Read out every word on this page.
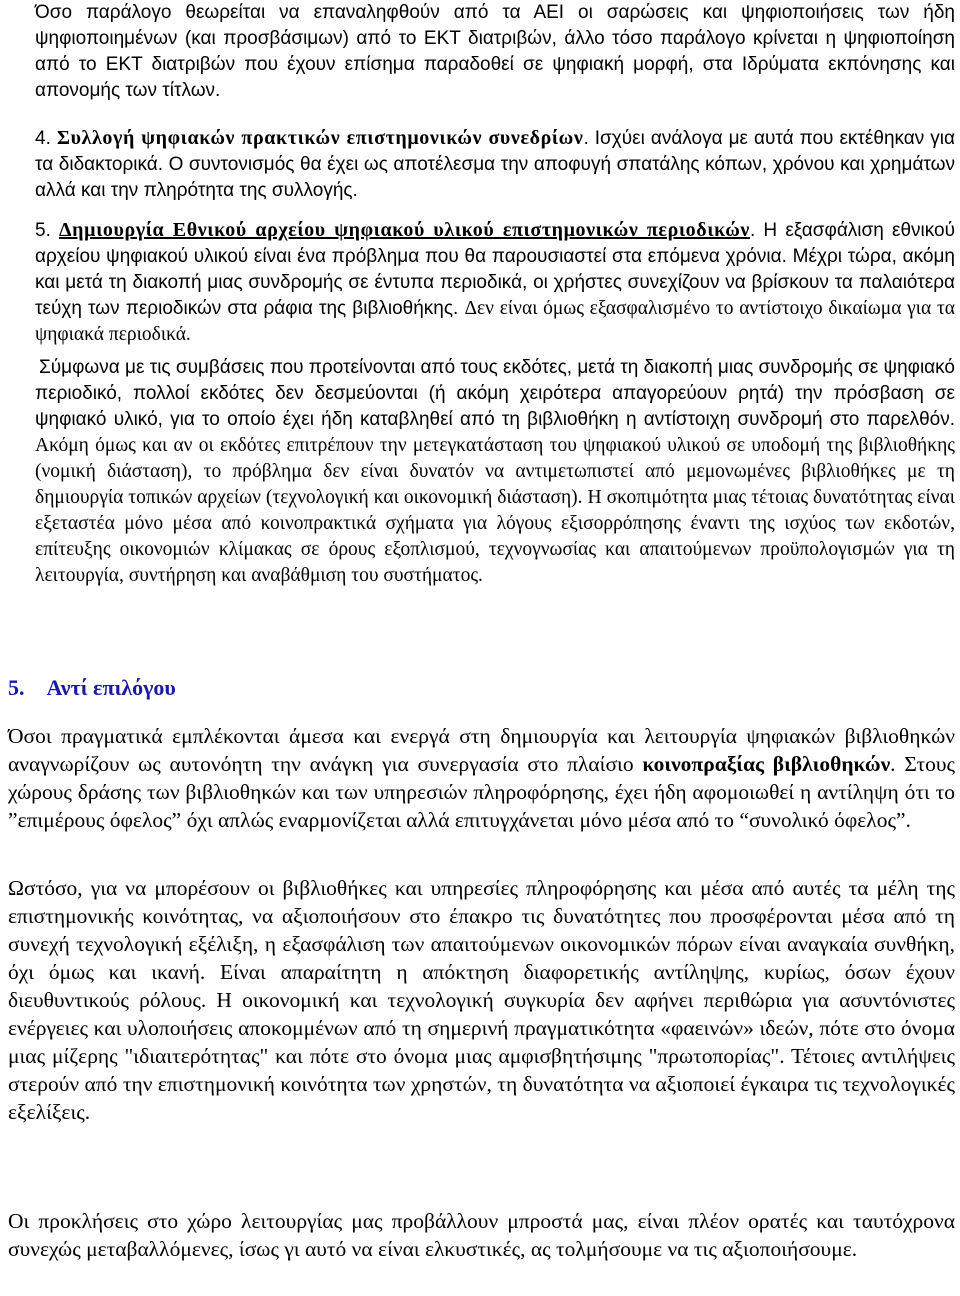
Όσο παράλογο θεωρείται να επαναληφθούν από τα ΑΕΙ οι σαρώσεις και ψηφιοποιήσεις των ήδη ψηφιοποιημένων (και προσβάσιμων) από το ΕΚΤ διατριβών, άλλο τόσο παράλογο κρίνεται η ψηφιοποίηση από το ΕΚΤ διατριβών που έχουν επίσημα παραδοθεί σε ψηφιακή μορφή, στα Ιδρύματα εκπόνησης και απονομής των τίτλων.

4. Συλλογή ψηφιακών πρακτικών επιστημονικών συνεδρίων. Ισχύει ανάλογα με αυτά που εκτέθηκαν για τα διδακτορικά. Ο συντονισμός θα έχει ως αποτέλεσμα την αποφυγή σπατάλης κόπων, χρόνου και χρημάτων αλλά και την πληρότητα της συλλογής.

5. Δημιουργία Εθνικού αρχείου ψηφιακού υλικού επιστημονικών περιοδικών. Η εξασφάλιση εθνικού αρχείου ψηφιακού υλικού είναι ένα πρόβλημα που θα παρουσιαστεί στα επόμενα χρόνια. Μέχρι τώρα, ακόμη και μετά τη διακοπή μιας συνδρομής σε έντυπα περιοδικά, οι χρήστες συνεχίζουν να βρίσκουν τα παλαιότερα τεύχη των περιοδικών στα ράφια της βιβλιοθήκης. Δεν είναι όμως εξασφαλισμένο το αντίστοιχο δικαίωμα για τα ψηφιακά περιοδικά.

Σύμφωνα με τις συμβάσεις που προτείνονται από τους εκδότες, μετά τη διακοπή μιας συνδρομής σε ψηφιακό περιοδικό, πολλοί εκδότες δεν δεσμεύονται (ή ακόμη χειρότερα απαγορεύουν ρητά) την πρόσβαση σε ψηφιακό υλικό, για το οποίο έχει ήδη καταβληθεί από τη βιβλιοθήκη η αντίστοιχη συνδρομή στο παρελθόν. Ακόμη όμως και αν οι εκδότες επιτρέπουν την μετεγκατάσταση του ψηφιακού υλικού σε υποδομή της βιβλιοθήκης (νομική διάσταση), το πρόβλημα δεν είναι δυνατόν να αντιμετωπιστεί από μεμονωμένες βιβλιοθήκες με τη δημιουργία τοπικών αρχείων (τεχνολογική και οικονομική διάσταση). Η σκοπιμότητα μιας τέτοιας δυνατότητας είναι εξεταστέα μόνο μέσα από κοινοπρακτικά σχήματα για λόγους εξισορρόπησης έναντι της ισχύος των εκδοτών, επίτευξης οικονομιών κλίμακας σε όρους εξοπλισμού, τεχνογνωσίας και απαιτούμενων προϋπολογισμών για τη λειτουργία, συντήρηση και αναβάθμιση του συστήματος.

5. Αντί επιλόγου

Όσοι πραγματικά εμπλέκονται άμεσα και ενεργά στη δημιουργία και λειτουργία ψηφιακών βιβλιοθηκών αναγνωρίζουν ως αυτονόητη την ανάγκη για συνεργασία στο πλαίσιο κοινοπραξίας βιβλιοθηκών. Στους χώρους δράσης των βιβλιοθηκών και των υπηρεσιών πληροφόρησης, έχει ήδη αφομοιωθεί η αντίληψη ότι το ”επιμέρους όφελος” όχι απλώς εναρμονίζεται αλλά επιτυγχάνεται μόνο μέσα από το “συνολικό όφελος”.

Ωστόσο, για να μπορέσουν οι βιβλιοθήκες και υπηρεσίες πληροφόρησης και μέσα από αυτές τα μέλη της επιστημονικής κοινότητας, να αξιοποιήσουν στο έπακρο τις δυνατότητες που προσφέρονται μέσα από τη συνεχή τεχνολογική εξέλιξη, η εξασφάλιση των απαιτούμενων οικονομικών πόρων είναι αναγκαία συνθήκη, όχι όμως και ικανή. Είναι απαραίτητη η απόκτηση διαφορετικής αντίληψης, κυρίως, όσων έχουν διευθυντικούς ρόλους. Η οικονομική και τεχνολογική συγκυρία δεν αφήνει περιθώρια για ασυντόνιστες ενέργειες και υλοποιήσεις αποκομμένων από τη σημερινή πραγματικότητα «φαεινών» ιδεών, πότε στο όνομα μιας μίζερης "ιδιαιτερότητας" και πότε στο όνομα μιας αμφισβητήσιμης "πρωτοπορίας". Τέτοιες αντιλήψεις στερούν από την επιστημονική κοινότητα των χρηστών, τη δυνατότητα να αξιοποιεί έγκαιρα τις τεχνολογικές εξελίξεις.

Οι προκλήσεις στο χώρο λειτουργίας μας προβάλλουν μπροστά μας, είναι πλέον ορατές και ταυτόχρονα συνεχώς μεταβαλλόμενες, ίσως γι αυτό να είναι ελκυστικές, ας τολμήσουμε να τις αξιοποιήσουμε.
